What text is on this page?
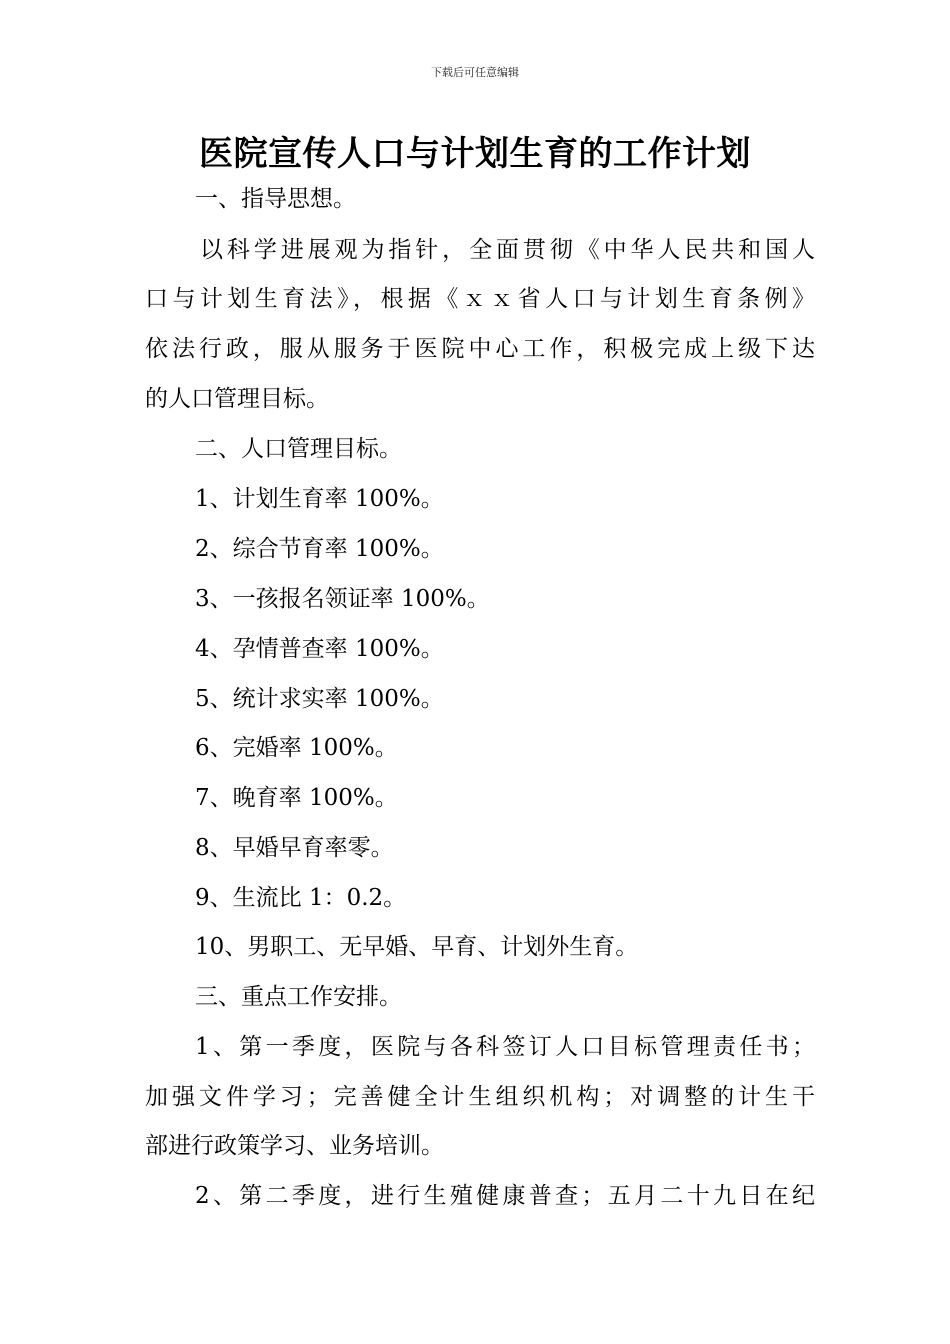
下载后可任意编辑
医院宣传人口与计划生育的工作计划
一、指导思想。
以科学进展观为指针，全面贯彻《中华人民共和国人
口与计划生育法》，根据《ｘｘ省人口与计划生育条例》
依法行政，服从服务于医院中心工作，积极完成上级下达
的人口管理目标。
二、人口管理目标。
1、计划生育率 100%。
2、综合节育率 100%。
3、一孩报名领证率 100%。
4、孕情普查率 100%。
5、统计求实率 100%。
6、完婚率 100%。
7、晚育率 100%。
8、早婚早育率零。
9、生流比 1：0.2。
10、男职工、无早婚、早育、计划外生育。
三、重点工作安排。
1、第一季度，医院与各科签订人口目标管理责任书；
加强文件学习；完善健全计生组织机构；对调整的计生干
部进行政策学习、业务培训。
2、第二季度，进行生殖健康普查；五月二十九日在纪
